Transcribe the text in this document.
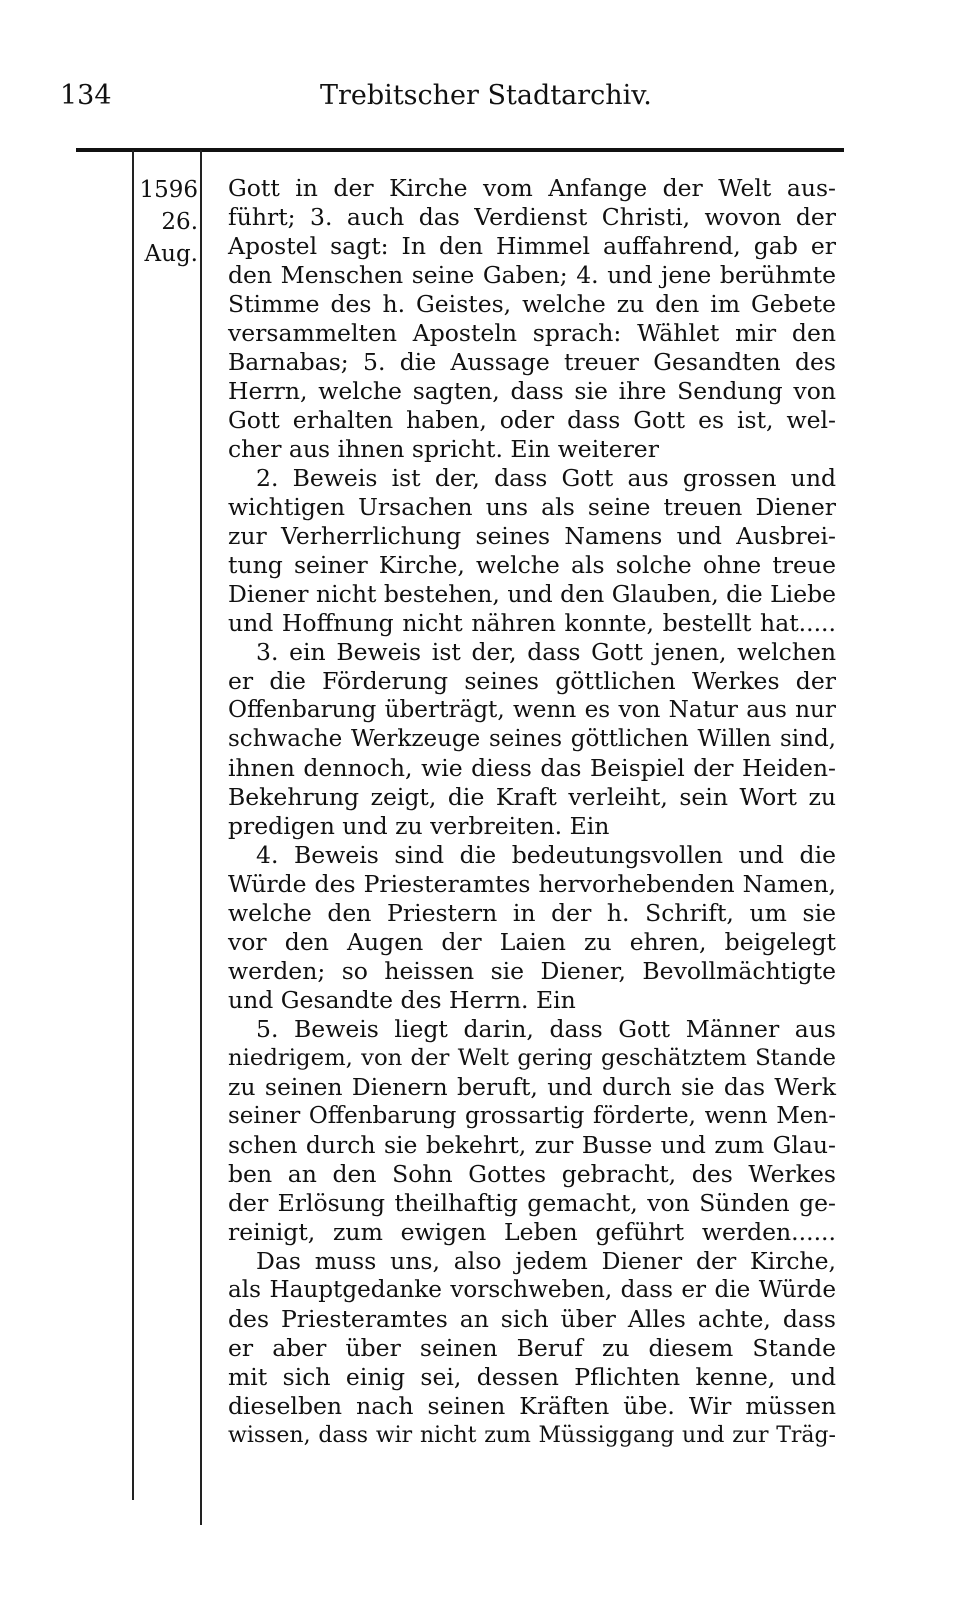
134	Trebitscher Stadtarchiv.
1596
26.
Aug.
Gott in der Kirche vom Anfange der Welt aus-
führt; 3. auch das Verdienst Christi, wovon der
Apostel sagt: In den Himmel auffahrend, gab er
den Menschen seine Gaben; 4. und jene berühmte
Stimme des h. Geistes, welche zu den im Gebete
versammelten Aposteln sprach: Wählet mir den
Barnabas; 5. die Aussage treuer Gesandten des
Herrn, welche sagten, dass sie ihre Sendung von
Gott erhalten haben, oder dass Gott es ist, wel-
cher aus ihnen spricht. Ein weiterer
2. Beweis ist der, dass Gott aus grossen und
wichtigen Ursachen uns als seine treuen Diener
zur Verherrlichung seines Namens und Ausbrei-
tung seiner Kirche, welche als solche ohne treue
Diener nicht bestehen, und den Glauben, die Liebe
und Hoffnung nicht nähren konnte, bestellt hat.....
3. ein Beweis ist der, dass Gott jenen, welchen
er die Förderung seines göttlichen Werkes der
Offenbarung überträgt, wenn es von Natur aus nur
schwache Werkzeuge seines göttlichen Willen sind,
ihnen dennoch, wie diess das Beispiel der Heiden-
Bekehrung zeigt, die Kraft verleiht, sein Wort zu
predigen und zu verbreiten. Ein
4. Beweis sind die bedeutungsvollen und die
Würde des Priesteramtes hervorhebenden Namen,
welche den Priestern in der h. Schrift, um sie
vor den Augen der Laien zu ehren, beigelegt
werden; so heissen sie Diener, Bevollmächtigte
und Gesandte des Herrn. Ein
5. Beweis liegt darin, dass Gott Männer aus
niedrigem, von der Welt gering geschätztem Stande
zu seinen Dienern beruft, und durch sie das Werk
seiner Offenbarung grossartig förderte, wenn Men-
schen durch sie bekehrt, zur Busse und zum Glau-
ben an den Sohn Gottes gebracht, des Werkes
der Erlösung theilhaftig gemacht, von Sünden ge-
reinigt, zum ewigen Leben geführt werden......
Das muss uns, also jedem Diener der Kirche,
als Hauptgedanke vorschweben, dass er die Würde
des Priesteramtes an sich über Alles achte, dass
er aber über seinen Beruf zu diesem Stande
mit sich einig sei, dessen Pflichten kenne, und
dieselben nach seinen Kräften übe. Wir müssen
wissen, dass wir nicht zum Müssiggang und zur Träg-
